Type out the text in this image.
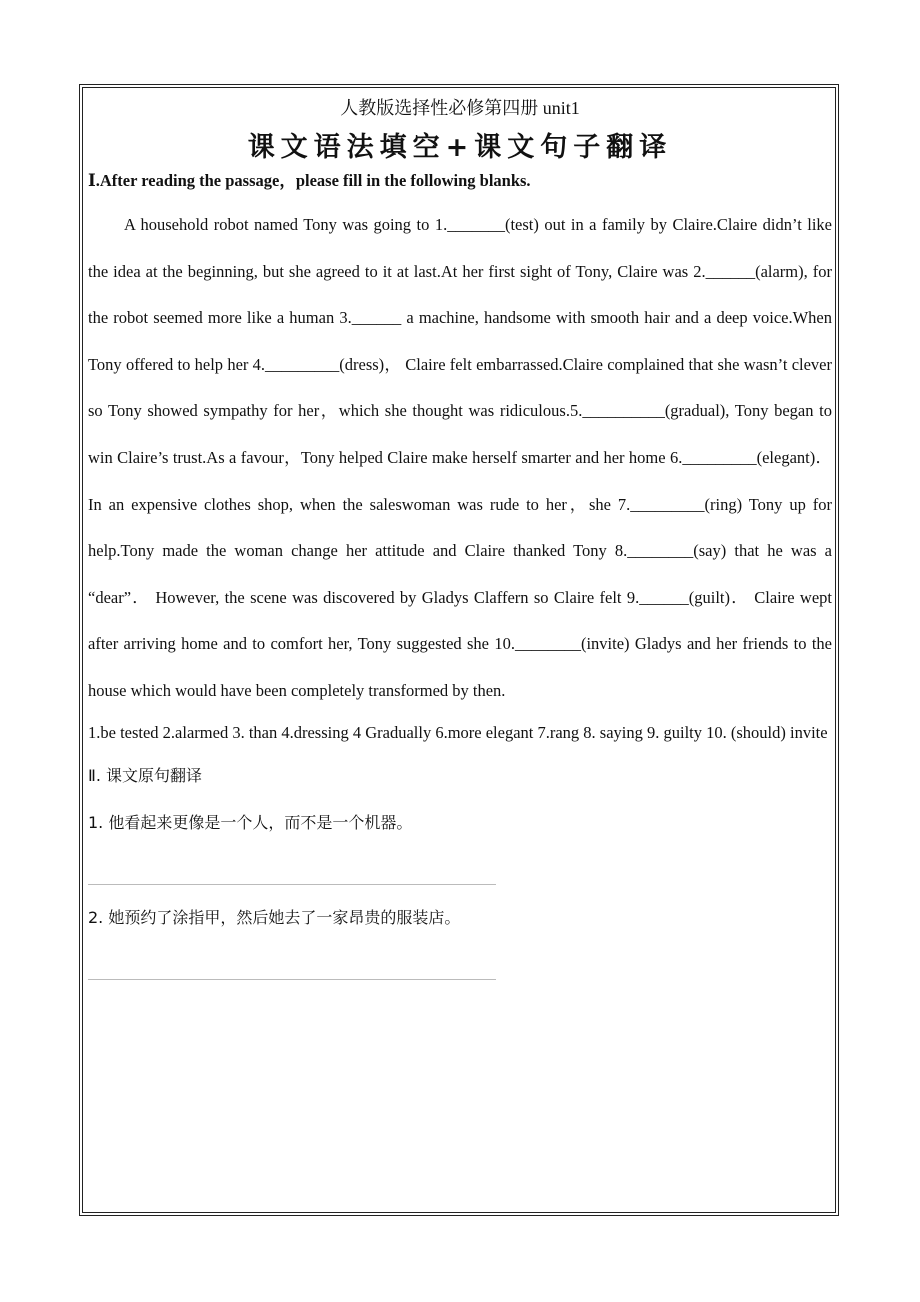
人教版选择性必修第四册 unit1

课文语法填空+课文句子翻译

Ⅰ.After reading the passage，please fill in the following blanks.

A household robot named Tony was going to 1._______(test) out in a family by Claire.Claire didn’t like the idea at the beginning, but she agreed to it at last.At her first sight of Tony, Claire was 2.______(alarm), for the robot seemed more like a human 3.______ a machine, handsome with smooth hair and a deep voice.When Tony offered to help her 4._________(dress)， Claire felt embarrassed.Claire complained that she wasn’t clever so Tony showed sympathy for her，which she thought was ridiculous.5.__________(gradual), Tony began to win Claire’s trust.As a favour，Tony helped Claire make herself smarter and her home 6._________(elegant)．In an expensive clothes shop, when the saleswoman was rude to her，she 7._________(ring) Tony up for help.Tony made the woman change her attitude and Claire thanked Tony 8.________(say) that he was a “dear”． However, the scene was discovered by Gladys Claffern so Claire felt 9.______(guilt)． Claire wept after arriving home and to comfort her, Tony suggested she 10.________(invite) Gladys and her friends to the house which would have been completely transformed by then.

1.be tested 2.alarmed 3. than 4.dressing 4 Gradually 6.more elegant 7.rang 8. saying 9. guilty 10. (should) invite

Ⅱ. 课文原句翻译

1. 他看起来更像是一个人，而不是一个机器。

2. 她预约了涂指甲，然后她去了一家昂贵的服装店。
